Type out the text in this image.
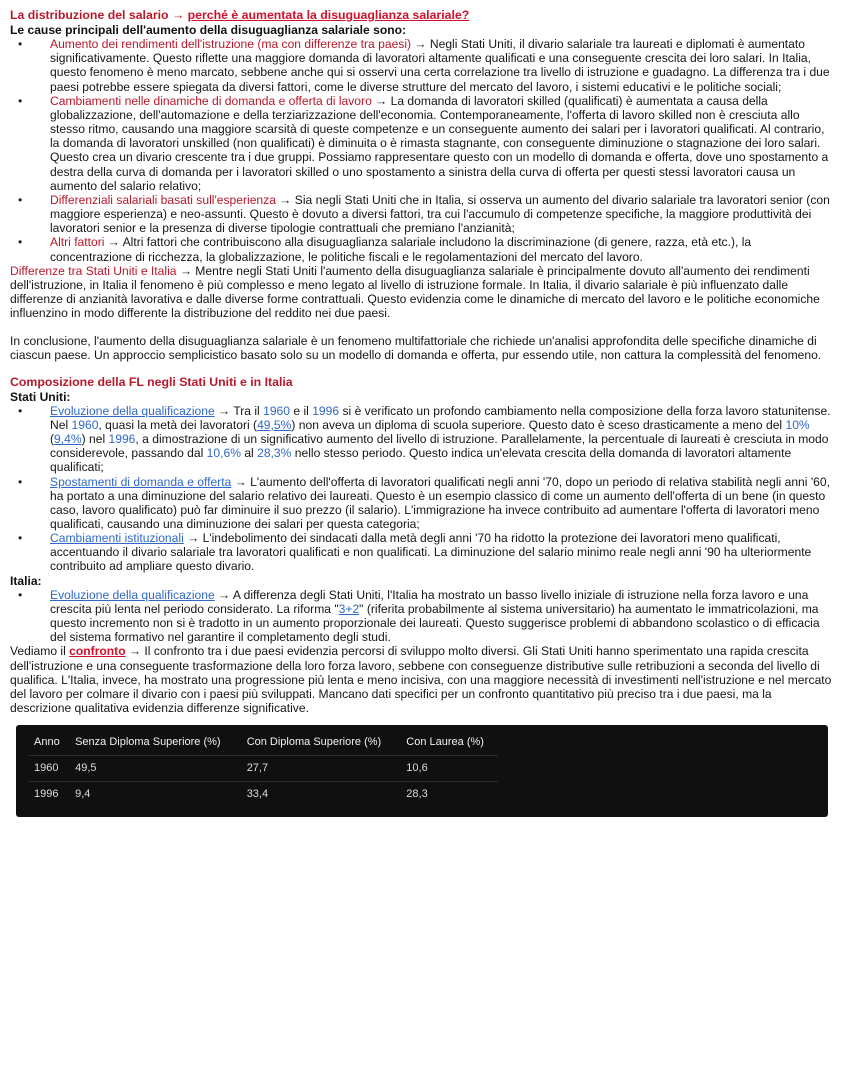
La distribuzione del salario → perché è aumentata la disuguaglianza salariale?

Le cause principali dell'aumento della disuguaglianza salariale sono:

• Aumento dei rendimenti dell'istruzione (ma con differenze tra paesi) → Negli Stati Uniti, il divario salariale tra laureati e diplomati è aumentato significativamente. Questo riflette una maggiore domanda di lavoratori altamente qualificati e una conseguente crescita dei loro salari. In Italia, questo fenomeno è meno marcato, sebbene anche qui si osservi una certa correlazione tra livello di istruzione e guadagno. La differenza tra i due paesi potrebbe essere spiegata da diversi fattori, come le diverse strutture del mercato del lavoro, i sistemi educativi e le politiche sociali;
• Cambiamenti nelle dinamiche di domanda e offerta di lavoro → La domanda di lavoratori skilled (qualificati) è aumentata a causa della globalizzazione, dell'automazione e della terziarizzazione dell'economia. Contemporaneamente, l'offerta di lavoro skilled non è cresciuta allo stesso ritmo, causando una maggiore scarsità di queste competenze e un conseguente aumento dei salari per i lavoratori qualificati. Al contrario, la domanda di lavoratori unskilled (non qualificati) è diminuita o è rimasta stagnante, con conseguente diminuzione o stagnazione dei loro salari. Questo crea un divario crescente tra i due gruppi. Possiamo rappresentare questo con un modello di domanda e offerta, dove uno spostamento a destra della curva di domanda per i lavoratori skilled o uno spostamento a sinistra della curva di offerta per questi stessi lavoratori causa un aumento del salario relativo;
• Differenziali salariali basati sull'esperienza → Sia negli Stati Uniti che in Italia, si osserva un aumento del divario salariale tra lavoratori senior (con maggiore esperienza) e neo-assunti. Questo è dovuto a diversi fattori, tra cui l'accumulo di competenze specifiche, la maggiore produttività dei lavoratori senior e la presenza di diverse tipologie contrattuali che premiano l'anzianità;
• Altri fattori → Altri fattori che contribuiscono alla disuguaglianza salariale includono la discriminazione (di genere, razza, età etc.), la concentrazione di ricchezza, la globalizzazione, le politiche fiscali e le regolamentazioni del mercato del lavoro.

Differenze tra Stati Uniti e Italia → Mentre negli Stati Uniti l'aumento della disuguaglianza salariale è principalmente dovuto all'aumento dei rendimenti dell'istruzione, in Italia il fenomeno è più complesso e meno legato al livello di istruzione formale. In Italia, il divario salariale è più influenzato dalle differenze di anzianità lavorativa e dalle diverse forme contrattuali. Questo evidenzia come le dinamiche di mercato del lavoro e le politiche economiche influenzino in modo differente la distribuzione del reddito nei due paesi.

In conclusione, l'aumento della disuguaglianza salariale è un fenomeno multifattoriale che richiede un'analisi approfondita delle specifiche dinamiche di ciascun paese. Un approccio semplicistico basato solo su un modello di domanda e offerta, pur essendo utile, non cattura la complessità del fenomeno.

Composizione della FL negli Stati Uniti e in Italia

Stati Uniti:

• Evoluzione della qualificazione → Tra il 1960 e il 1996 si è verificato un profondo cambiamento nella composizione della forza lavoro statunitense. Nel 1960, quasi la metà dei lavoratori (49,5%) non aveva un diploma di scuola superiore. Questo dato è sceso drasticamente a meno del 10% (9,4%) nel 1996, a dimostrazione di un significativo aumento del livello di istruzione. Parallelamente, la percentuale di laureati è cresciuta in modo considerevole, passando dal 10,6% al 28,3% nello stesso periodo. Questo indica un'elevata crescita della domanda di lavoratori altamente qualificati;
• Spostamenti di domanda e offerta → L'aumento dell'offerta di lavoratori qualificati negli anni '70, dopo un periodo di relativa stabilità negli anni '60, ha portato a una diminuzione del salario relativo dei laureati. Questo è un esempio classico di come un aumento dell'offerta di un bene (in questo caso, lavoro qualificato) può far diminuire il suo prezzo (il salario). L'immigrazione ha invece contribuito ad aumentare l'offerta di lavoratori meno qualificati, causando una diminuzione dei salari per questa categoria;
• Cambiamenti istituzionali → L'indebolimento dei sindacati dalla metà degli anni '70 ha ridotto la protezione dei lavoratori meno qualificati, accentuando il divario salariale tra lavoratori qualificati e non qualificati. La diminuzione del salario minimo reale negli anni '90 ha ulteriormente contribuito ad ampliare questo divario.

Italia:

• Evoluzione della qualificazione → A differenza degli Stati Uniti, l'Italia ha mostrato un basso livello iniziale di istruzione nella forza lavoro e una crescita più lenta nel periodo considerato. La riforma "3+2" (riferita probabilmente al sistema universitario) ha aumentato le immatricolazioni, ma questo incremento non si è tradotto in un aumento proporzionale dei laureati. Questo suggerisce problemi di abbandono scolastico o di efficacia del sistema formativo nel garantire il completamento degli studi.

Vediamo il confronto → Il confronto tra i due paesi evidenzia percorsi di sviluppo molto diversi. Gli Stati Uniti hanno sperimentato una rapida crescita dell'istruzione e una conseguente trasformazione della loro forza lavoro, sebbene con conseguenze distributive sulle retribuzioni a seconda del livello di qualifica. L'Italia, invece, ha mostrato una progressione più lenta e meno incisiva, con una maggiore necessità di investimenti nell'istruzione e nel mercato del lavoro per colmare il divario con i paesi più sviluppati. Mancano dati specifici per un confronto quantitativo più preciso tra i due paesi, ma la descrizione qualitativa evidenzia differenze significative.

Anno	Senza Diploma Superiore (%)	Con Diploma Superiore (%)	Con Laurea (%)
1960	49,5	27,7	10,6
1996	9,4	33,4	28,3
